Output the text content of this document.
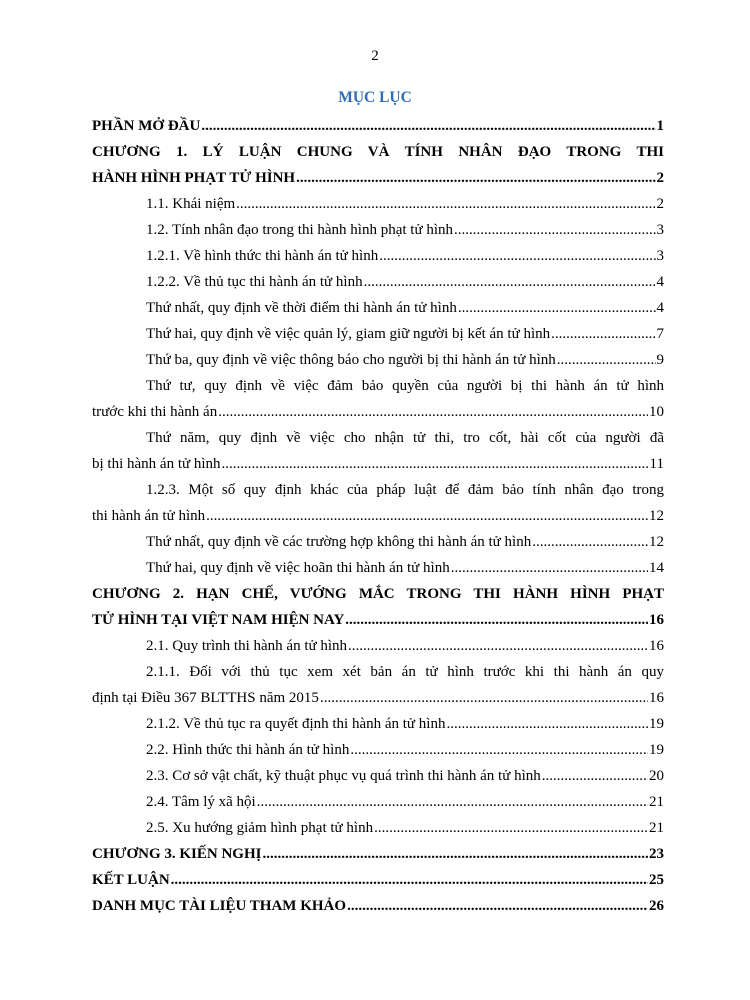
2
MỤC LỤC
PHẦN MỞ ĐẦU .....	1
CHƯƠNG 1. LÝ LUẬN CHUNG VÀ TÍNH NHÂN ĐẠO TRONG THI
HÀNH HÌNH PHẠT TỬ HÌNH .....	2
1.1. Khái niệm .....	2
1.2. Tính nhân đạo trong thi hành hình phạt tử hình .....	3
1.2.1. Về hình thức thi hành án tử hình .....	3
1.2.2. Về thủ tục thi hành án tử hình .....	4
Thứ nhất, quy định về thời điểm thi hành án tử hình .....	4
Thứ hai, quy định về việc quản lý, giam giữ người bị kết án tử hình .....	7
Thứ ba, quy định về việc thông báo cho người bị thi hành án tử hình .....	9
Thứ tư, quy định về việc đảm bảo quyền của người bị thi hành án tử hình
trước khi thi hành án .....	10
Thứ năm, quy định về việc cho nhận tử thi, tro cốt, hài cốt của người đã
bị thi hành án tử hình .....	11
1.2.3. Một số quy định khác của pháp luật để đảm bảo tính nhân đạo trong
thi hành án tử hình .....	12
Thứ nhất, quy định về các trường hợp không thi hành án tử hình .....	12
Thứ hai, quy định về việc hoãn thi hành án tử hình .....	14
CHƯƠNG 2. HẠN CHẾ, VƯỚNG MẮC TRONG THI HÀNH HÌNH PHẠT
TỬ HÌNH TẠI VIỆT NAM HIỆN NAY .....	16
2.1. Quy trình thi hành án tử hình .....	16
2.1.1. Đối với thủ tục xem xét bản án tử hình trước khi thi hành án quy
định tại Điều 367 BLTTHS năm 2015 .....	16
2.1.2. Về thủ tục ra quyết định thi hành án tử hình .....	19
2.2. Hình thức thi hành án tử hình .....	19
2.3. Cơ sở vật chất, kỹ thuật phục vụ quá trình thi hành án tử hình .....	20
2.4. Tâm lý xã hội .....	21
2.5. Xu hướng giảm hình phạt tử hình .....	21
CHƯƠNG 3. KIẾN NGHỊ .....	23
KẾT LUẬN .....	25
DANH MỤC TÀI LIỆU THAM KHẢO .....	26
